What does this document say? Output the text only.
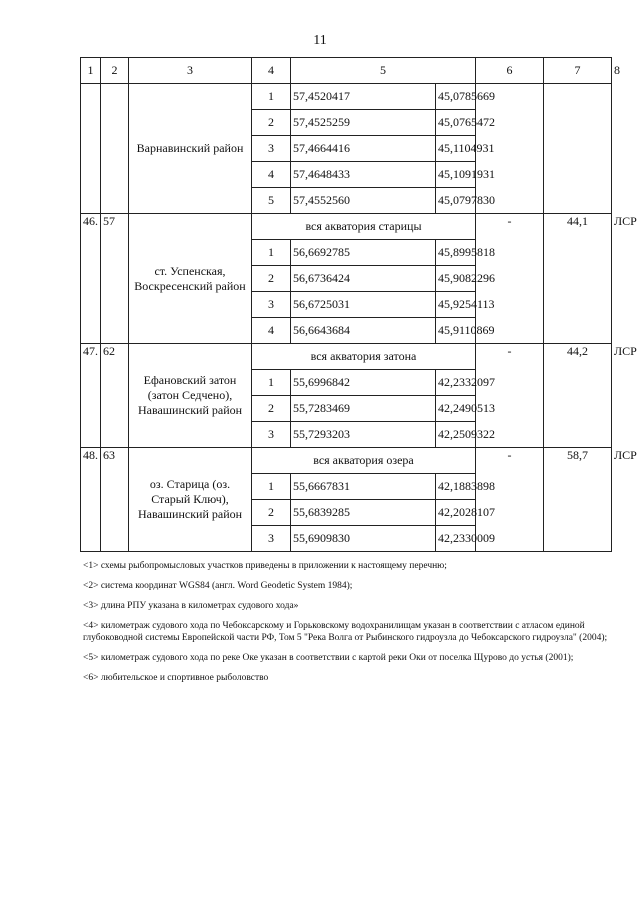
11
1	2	3	4	5		6	7	8
		Варнавинский район	1	57,4520417	45,0785669			
			2	57,4525259	45,0765472			
			3	57,4664416	45,1104931			
			4	57,4648433	45,1091931			
			5	57,4552560	45,0797830			
46.	57	ст. Успенская, Воскресенский район	вся акватория старицы			-	44,1	ЛСР
			1	56,6692785	45,8995818			
			2	56,6736424	45,9082296			
			3	56,6725031	45,9254113			
			4	56,6643684	45,9110869			
47.	62	Ефановский затон (затон Седчено), Навашинский район	вся акватория затона			-	44,2	ЛСР
			1	55,6996842	42,2332097			
			2	55,7283469	42,2490513			
			3	55,7293203	42,2509322			
48.	63	оз. Старица (оз. Старый Ключ), Навашинский район	вся акватория озера			-	58,7	ЛСР
			1	55,6667831	42,1883898			
			2	55,6839285	42,2028107			
			3	55,6909830	42,2330009			

<1> схемы рыбопромысловых участков приведены в приложении к настоящему перечню;

<2> система координат WGS84 (англ. Word Geodetic System 1984);

<3> длина РПУ указана в километрах судового хода»

<4> километраж судового хода по Чебоксарскому и Горьковскому водохранилищам указан в соответствии с атласом единой глубоководной системы Европейской части РФ, Том 5 "Река Волга от Рыбинского гидроузла до Чебоксарского гидроузла" (2004);

<5> километраж судового хода по реке Оке указан в соответствии с картой реки Оки от поселка Щурово до устья (2001);

<6> любительское и спортивное рыболовство
